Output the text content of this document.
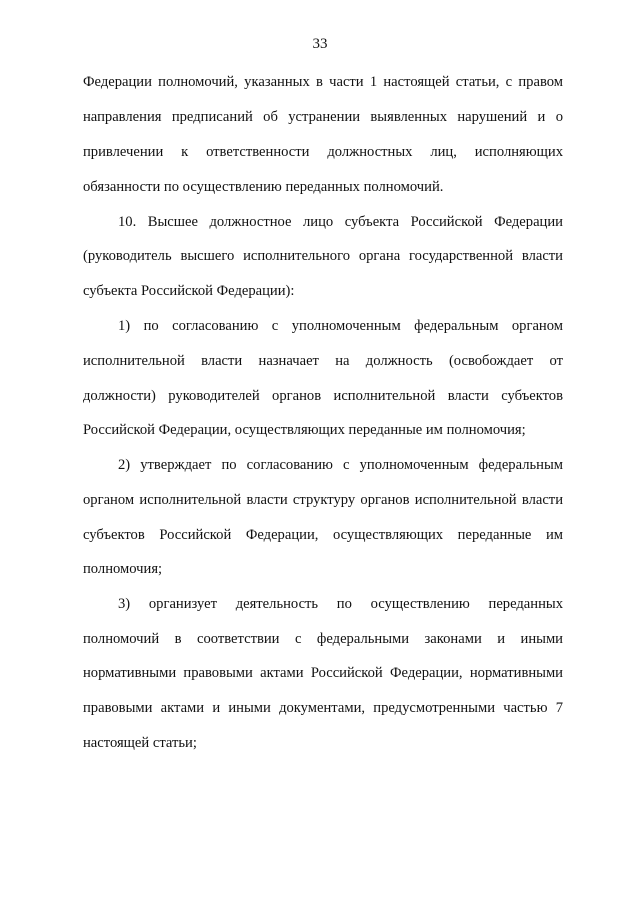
33
Федерации полномочий, указанных в части 1 настоящей статьи, с правом
направления предписаний об устранении выявленных нарушений и о
привлечении к ответственности должностных лиц, исполняющих
обязанности по осуществлению переданных полномочий.
10. Высшее должностное лицо субъекта Российской Федерации
(руководитель высшего исполнительного органа государственной власти
субъекта Российской Федерации):
1) по согласованию с уполномоченным федеральным органом
исполнительной власти назначает на должность (освобождает от
должности) руководителей органов исполнительной власти субъектов
Российской Федерации, осуществляющих переданные им полномочия;
2) утверждает по согласованию с уполномоченным федеральным
органом исполнительной власти структуру органов исполнительной власти
субъектов Российской Федерации, осуществляющих переданные им
полномочия;
3) организует деятельность по осуществлению переданных
полномочий в соответствии с федеральными законами и иными
нормативными правовыми актами Российской Федерации, нормативными
правовыми актами и иными документами, предусмотренными частью 7
настоящей статьи;
